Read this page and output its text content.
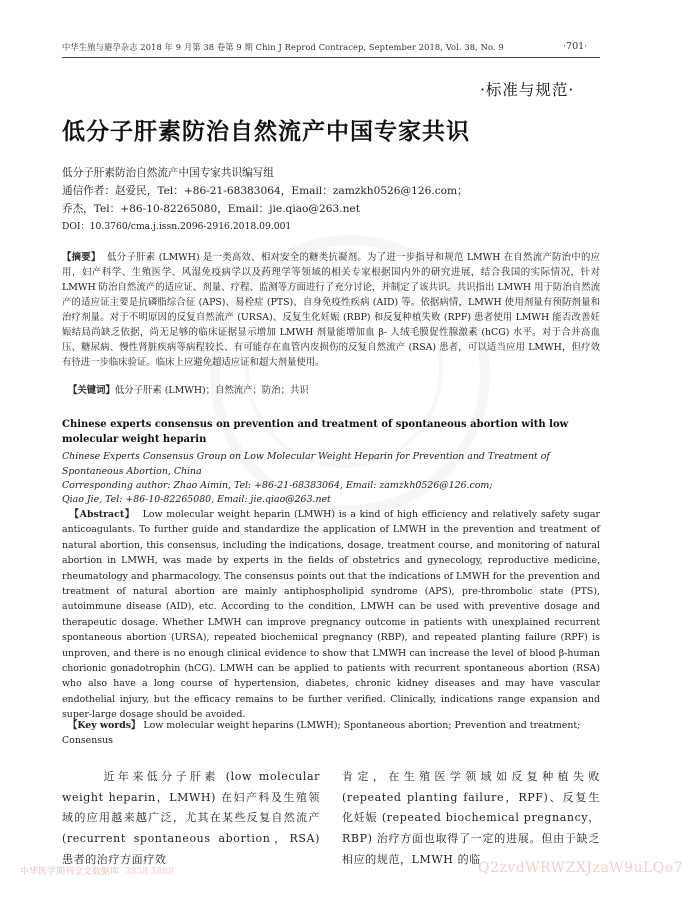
中华生殖与避孕杂志 2018 年 9 月第 38 卷第 9 期 Chin J Reprod Contracep, September 2018, Vol. 38, No. 9	·701·
·标准与规范·
低分子肝素防治自然流产中国专家共识
低分子肝素防治自然流产中国专家共识编写组
通信作者：赵爱民，Tel：+86-21-68383064，Email：zamzkh0526@126.com；
乔杰，Tel：+86-10-82265080，Email：jie.qiao@263.net
DOI：10.3760/cma.j.issn.2096-2916.2018.09.001
【摘要】 低分子肝素 (LMWH) 是一类高效、相对安全的糖类抗凝剂。为了进一步指导和规范 LMWH 在自然流产防治中的应用，妇产科学、生殖医学、风湿免疫病学以及药理学等领域的相关专家根据国内外的研究进展，结合我国的实际情况，针对 LMWH 防治自然流产的适应证、剂量、疗程、监测等方面进行了充分讨论，并制定了该共识。共识指出 LMWH 用于防治自然流产的适应证主要是抗磷脂综合征 (APS)、易栓症 (PTS)、自身免疫性疾病 (AID) 等。依据病情，LMWH 使用剂量有预防剂量和治疗剂量。对于不明原因的反复自然流产 (URSA)、反复生化妊娠 (RBP) 和反复种植失败 (RPF) 患者使用 LMWH 能否改善妊娠结局尚缺乏依据，尚无足够的临床证据显示增加 LMWH 剂量能增加血 β- 人绒毛膜促性腺激素 (hCG) 水平。对于合并高血压、糖尿病、慢性肾脏疾病等病程较长、有可能存在血管内皮损伤的反复自然流产 (RSA) 患者，可以适当应用 LMWH，但疗效有待进一步临床验证。临床上应避免超适应证和超大剂量使用。
【关键词】低分子肝素 (LMWH)；自然流产；防治；共识
Chinese experts consensus on prevention and treatment of spontaneous abortion with low molecular weight heparin
Chinese Experts Consensus Group on Low Molecular Weight Heparin for Prevention and Treatment of Spontaneous Abortion, China
Corresponding author: Zhao Aimin, Tel: +86-21-68383064, Email: zamzkh0526@126.com;
Qiao Jie, Tel: +86-10-82265080, Email: jie.qiao@263.net
【Abstract】 Low molecular weight heparin (LMWH) is a kind of high efficiency and relatively safety sugar anticoagulants. To further guide and standardize the application of LMWH in the prevention and treatment of natural abortion, this consensus, including the indications, dosage, treatment course, and monitoring of natural abortion in LMWH, was made by experts in the fields of obstetrics and gynecology, reproductive medicine, rheumatology and pharmacology. The consensus points out that the indications of LMWH for the prevention and treatment of natural abortion are mainly antiphospholipid syndrome (APS), pre-thrombolic state (PTS), autoimmune disease (AID), etc. According to the condition, LMWH can be used with preventive dosage and therapeutic dosage. Whether LMWH can improve pregnancy outcome in patients with unexplained recurrent spontaneous abortion (URSA), repeated biochemical pregnancy (RBP), and repeated planting failure (RPF) is unproven, and there is no enough clinical evidence to show that LMWH can increase the level of blood β-human chorionic gonadotrophin (hCG). LMWH can be applied to patients with recurrent spontaneous abortion (RSA) who also have a long course of hypertension, diabetes, chronic kidney diseases and may have vascular endothelial injury, but the efficacy remains to be further verified. Clinically, indications range expansion and super-large dosage should be avoided.
【Key words】 Low molecular weight heparins (LMWH); Spontaneous abortion; Prevention and treatment; Consensus
近年来低分子肝素 (low molecular weight heparin，LMWH) 在妇产科及生殖领域的应用越来越广泛，尤其在某些反复自然流产 (recurrent spontaneous abortion，RSA) 患者的治疗方面疗效
肯定，在生殖医学领域如反复种植失败 (repeated planting failure，RPF)、反复生化妊娠 (repeated biochemical pregnancy，RBP) 治疗方面也取得了一定的进展。但由于缺乏相应的规范，LMWH 的临
中华医学期刊全文数据库 3858 3888	Q2zvdWRWZXJzaW9uLQo7
